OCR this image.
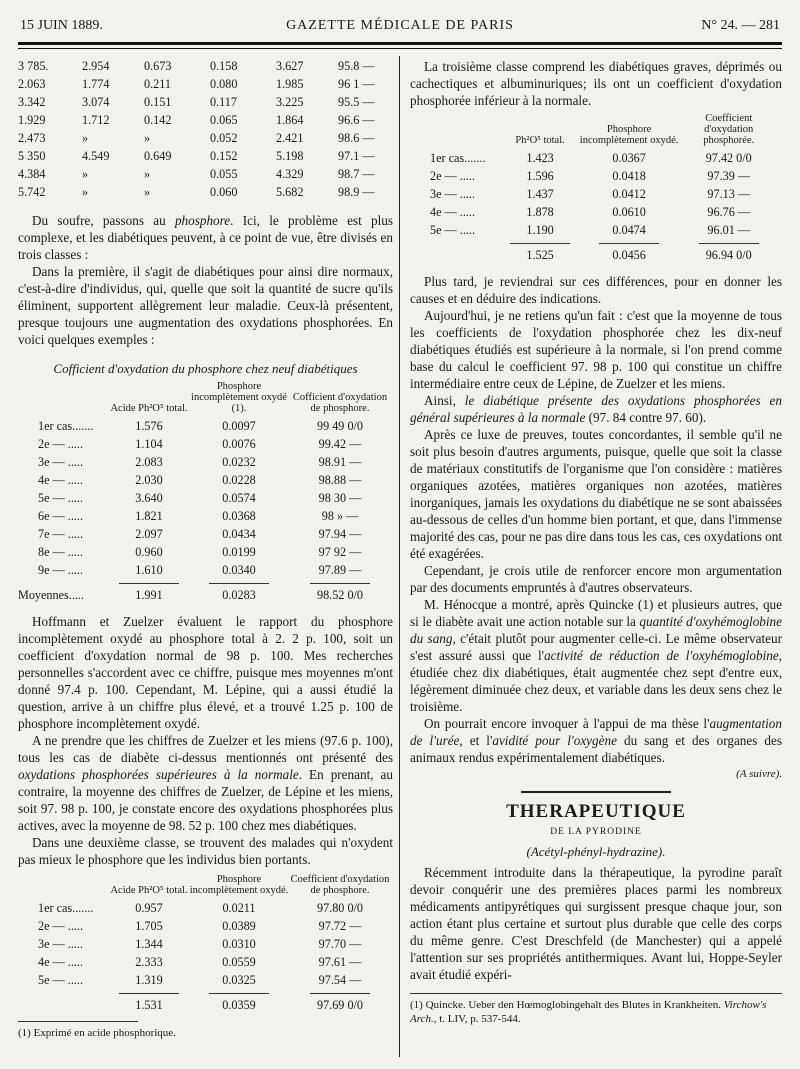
15 JUIN 1889.	GAZETTE MÉDICALE DE PARIS	N° 24. — 281
3 785.	2.954	0.673	0.158	3.627	95.8 —
2.063	1.774	0.211	0.080	1.985	96 1 —
3.342	3.074	0.151	0.117	3.225	95.5 —
1.929	1.712	0.142	0.065	1.864	96.6 —
2.473	»	»	0.052	2.421	98.6 —
5 350	4.549	0.649	0.152	5.198	97.1 —
4.384	»	»	0.055	4.329	98.7 —
5.742	»	»	0.060	5.682	98.9 —

Du soufre, passons au phosphore. Ici, le problème est plus complexe, et les diabétiques peuvent, à ce point de vue, être divisés en trois classes :

Dans la première, il s'agit de diabétiques pour ainsi dire normaux, c'est-à-dire d'individus, qui, quelle que soit la quantité de sucre qu'ils éliminent, supportent allègrement leur maladie. Ceux-là présentent, presque toujours une augmentation des oxydations phosphorées. En voici quelques exemples :

Cofficient d'oxydation du phosphore chez neuf diabétiques
	Acide Ph²O⁵ total.	Phosphore incomplètement oxydé (1).	Cofficient d'oxydation de phosphore.
1er cas.......	1.576	0.0097	99 49 0/0
2e — .....	1.104	0.0076	99.42 —
3e — .....	2.083	0.0232	98.91 —
4e — .....	2.030	0.0228	98.88 —
5e — .....	3.640	0.0574	98 30 —
6e — .....	1.821	0.0368	98 » —
7e — .....	2.097	0.0434	97.94 —
8e — .....	0.960	0.0199	97 92 —
9e — .....	1.610	0.0340	97.89 —

Moyennes.....	1.991	0.0283	98.52 0/0

Hoffmann et Zuelzer évaluent le rapport du phosphore incomplètement oxydé au phosphore total à 2. 2 p. 100, soit un coefficient d'oxydation normal de 98 p. 100. Mes recherches personnelles s'accordent avec ce chiffre, puisque mes moyennes m'ont donné 97.4 p. 100. Cependant, M. Lépine, qui a aussi étudié la question, arrive à un chiffre plus élevé, et a trouvé 1.25 p. 100 de phosphore incomplètement oxydé.

A ne prendre que les chiffres de Zuelzer et les miens (97.6 p. 100), tous les cas de diabète ci-dessus mentionnés ont présenté des oxydations phosphorées supérieures à la normale. En prenant, au contraire, la moyenne des chiffres de Zuelzer, de Lépine et les miens, soit 97. 98 p. 100, je constate encore des oxydations phosphorées plus actives, avec la moyenne de 98. 52 p. 100 chez mes diabétiques.

Dans une deuxième classe, se trouvent des malades qui n'oxydent pas mieux le phosphore que les individus bien portants.

	Acide Ph²O⁵ total.	Phosphore incomplètement oxydé.	Coefficient d'oxydation de phosphore.
1er cas.......	0.957	0.0211	97.80 0/0
2e — .....	1.705	0.0389	97.72 —
3e — .....	1.344	0.0310	97.70 —
4e — .....	2.333	0.0559	97.61 —
5e — .....	1.319	0.0325	97.54 —

	1.531	0.0359	97.69 0/0
(1) Exprimé en acide phosphorique.

La troisième classe comprend les diabétiques graves, déprimés ou cachectiques et albuminuriques; ils ont un coefficient d'oxydation phosphorée inférieur à la normale.

	Ph²O⁵ total.	Phosphore incomplètement oxydé.	Coefficient d'oxydation phosphorée.
1er cas.......	1.423	0.0367	97.42 0/0
2e — .....	1.596	0.0418	97.39 —
3e — .....	1.437	0.0412	97.13 —
4e — .....	1.878	0.0610	96.76 —
5e — .....	1.190	0.0474	96.01 —

	1.525	0.0456	96.94 0/0

Plus tard, je reviendrai sur ces différences, pour en donner les causes et en déduire des indications.

Aujourd'hui, je ne retiens qu'un fait : c'est que la moyenne de tous les coefficients de l'oxydation phosphorée chez les dix-neuf diabétiques étudiés est supérieure à la normale, si l'on prend comme base du calcul le coefficient 97. 98 p. 100 qui constitue un chiffre intermédiaire entre ceux de Lépine, de Zuelzer et les miens.

Ainsi, le diabétique présente des oxydations phosphorées en général supérieures à la normale (97. 84 contre 97. 60).

Après ce luxe de preuves, toutes concordantes, il semble qu'il ne soit plus besoin d'autres arguments, puisque, quelle que soit la classe de matériaux constitutifs de l'organisme que l'on considère : matières organiques azotées, matières organiques non azotées, matières inorganiques, jamais les oxydations du diabétique ne se sont abaissées au-dessous de celles d'un homme bien portant, et que, dans l'immense majorité des cas, pour ne pas dire dans tous les cas, ces oxydations ont été exagérées.

Cependant, je crois utile de renforcer encore mon argumentation par des documents empruntés à d'autres observateurs.

M. Hénocque a montré, après Quincke (1) et plusieurs autres, que si le diabète avait une action notable sur la quantité d'oxyhémoglobine du sang, c'était plutôt pour augmenter celle-ci. Le même observateur s'est assuré aussi que l'activité de réduction de l'oxyhémoglobine, étudiée chez dix diabétiques, était augmentée chez sept d'entre eux, légèrement diminuée chez deux, et variable dans les deux sens chez le troisième.

On pourrait encore invoquer à l'appui de ma thèse l'augmentation de l'urée, et l'avidité pour l'oxygène du sang et des organes des animaux rendus expérimentalement diabétiques.

(A suivre).
THERAPEUTIQUE
DE LA PYRODINE
(Acétyl-phényl-hydrazine).

Récemment introduite dans la thérapeutique, la pyrodine paraît devoir conquérir une des premières places parmi les nombreux médicaments antipyrétiques qui surgissent presque chaque jour, son action étant plus certaine et surtout plus durable que celle des corps du même genre. C'est Dreschfeld (de Manchester) qui a appelé l'attention sur ses propriétés antithermiques. Avant lui, Hoppe-Seyler avait étudié expéri-

(1) Quincke. Ueber den Hœmoglobingehalt des Blutes in Krankheiten. Virchow's Arch., t. LIV, p. 537-544.
